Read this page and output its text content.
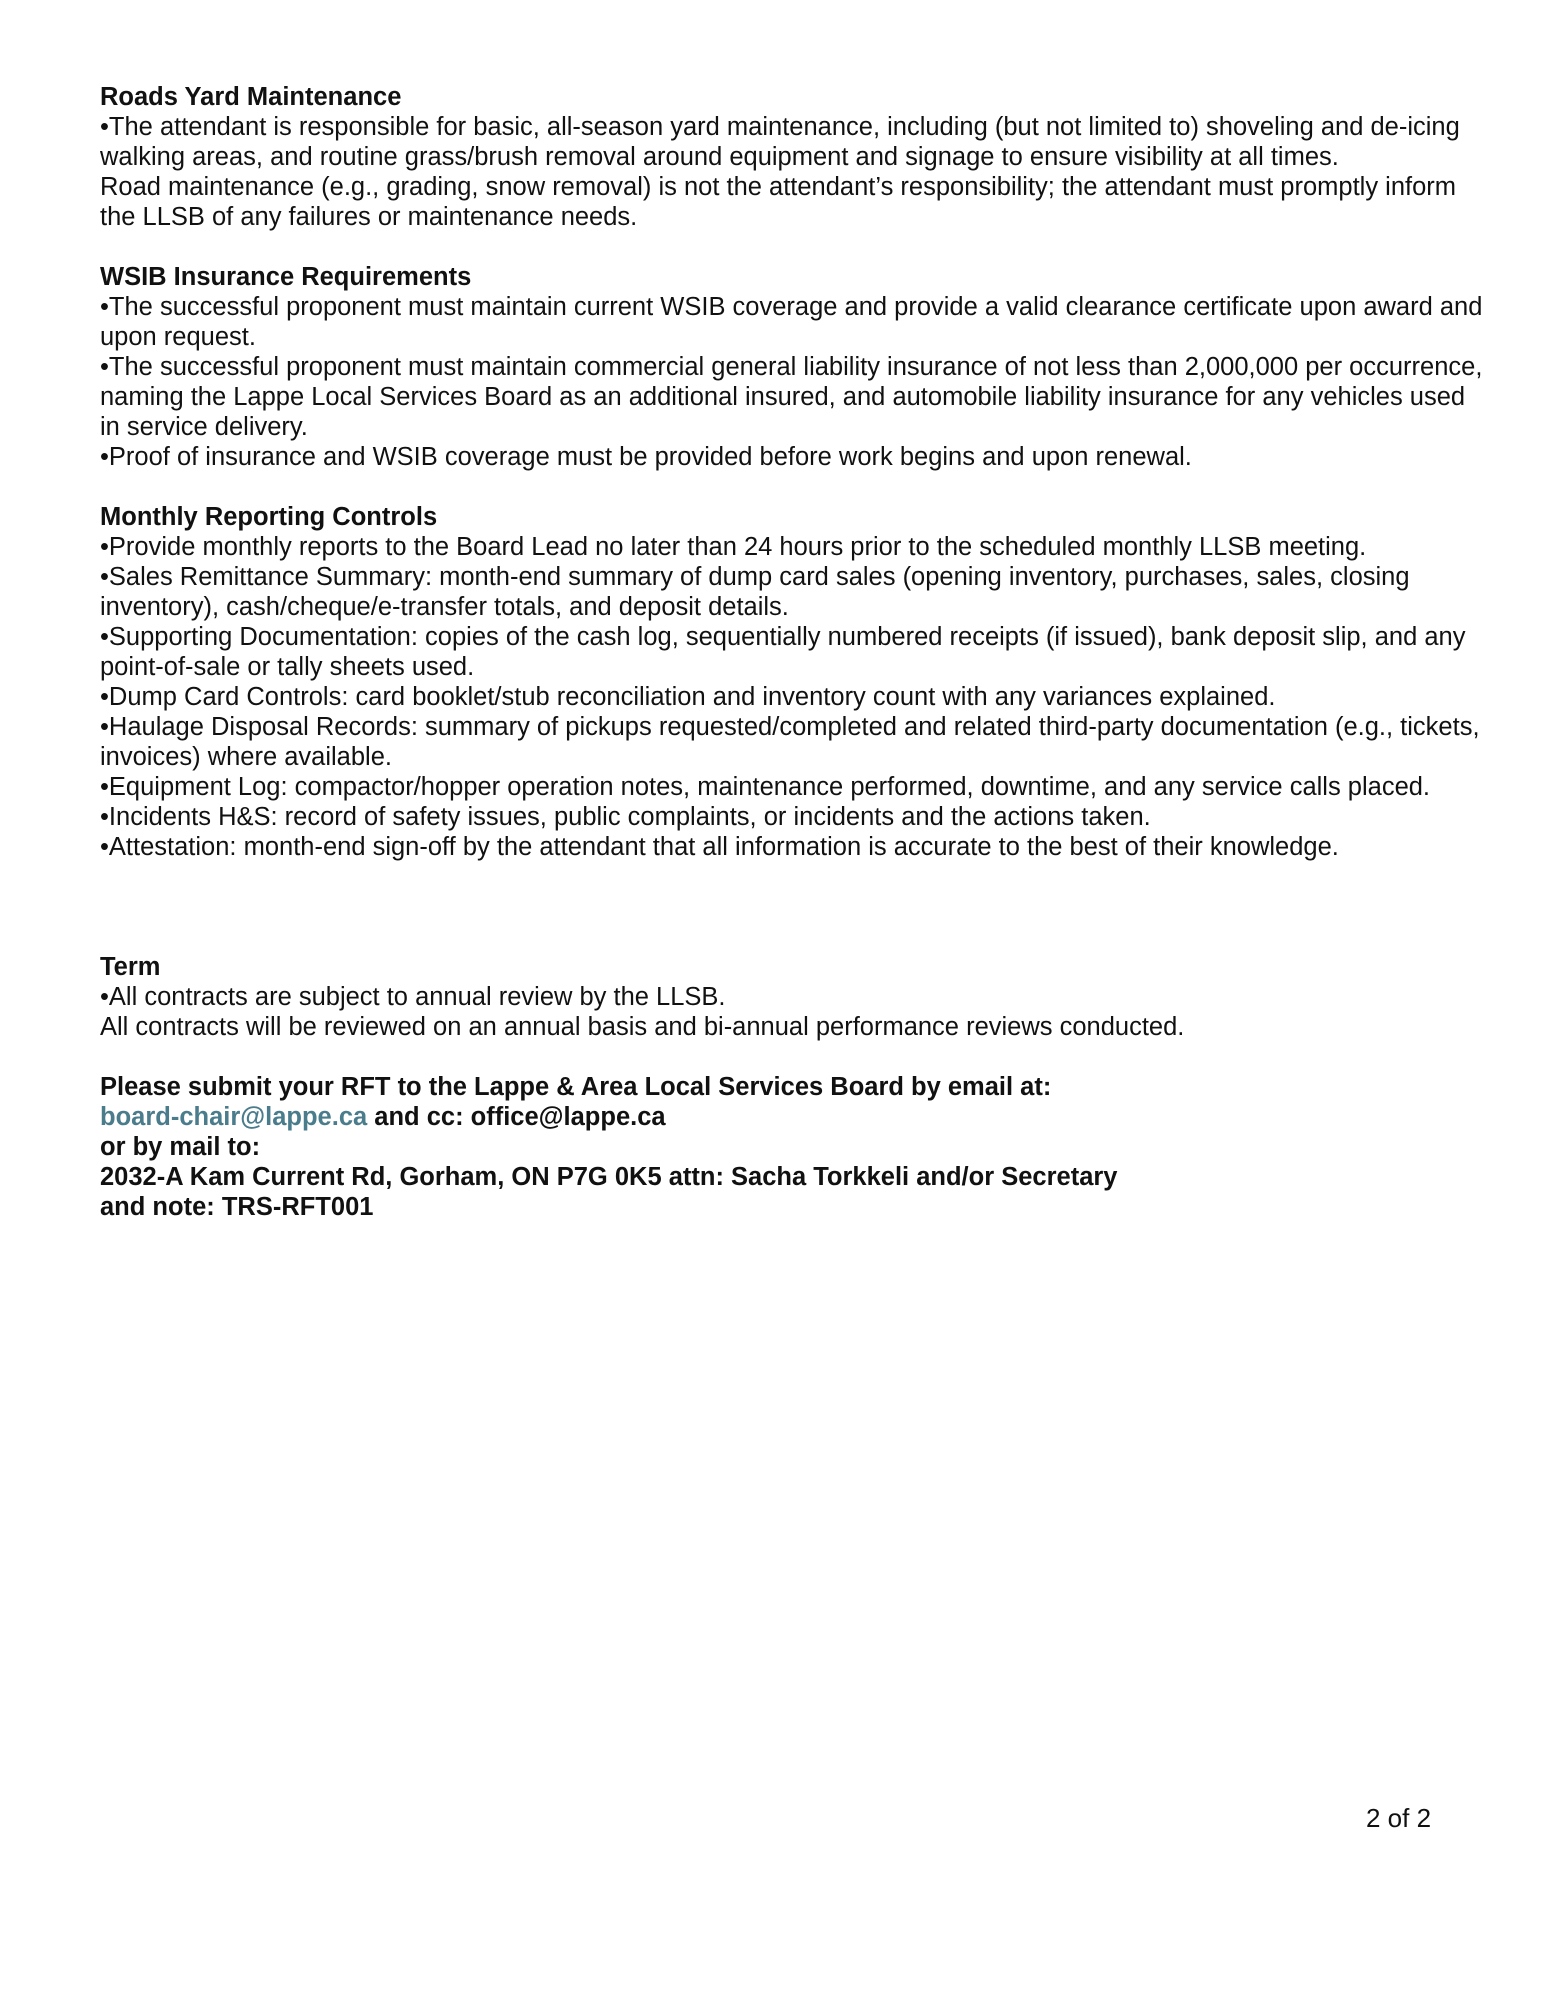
Roads Yard Maintenance

•The attendant is responsible for basic, all-season yard maintenance, including (but not limited to) shoveling and de-icing walking areas, and routine grass/brush removal around equipment and signage to ensure visibility at all times.

Road maintenance (e.g., grading, snow removal) is not the attendant’s responsibility; the attendant must promptly inform the LLSB of any failures or maintenance needs.

WSIB Insurance Requirements

•The successful proponent must maintain current WSIB coverage and provide a valid clearance certificate upon award and upon request.

•The successful proponent must maintain commercial general liability insurance of not less than 2,000,000 per occurrence, naming the Lappe Local Services Board as an additional insured, and automobile liability insurance for any vehicles used in service delivery.

•Proof of insurance and WSIB coverage must be provided before work begins and upon renewal.

Monthly Reporting Controls

•Provide monthly reports to the Board Lead no later than 24 hours prior to the scheduled monthly LLSB meeting.

•Sales Remittance Summary: month-end summary of dump card sales (opening inventory, purchases, sales, closing inventory), cash/cheque/e-transfer totals, and deposit details.

•Supporting Documentation: copies of the cash log, sequentially numbered receipts (if issued), bank deposit slip, and any point-of-sale or tally sheets used.

•Dump Card Controls: card booklet/stub reconciliation and inventory count with any variances explained.

•Haulage Disposal Records: summary of pickups requested/completed and related third-party documentation (e.g., tickets, invoices) where available.

•Equipment Log: compactor/hopper operation notes, maintenance performed, downtime, and any service calls placed.

•Incidents H&S: record of safety issues, public complaints, or incidents and the actions taken.

•Attestation: month-end sign-off by the attendant that all information is accurate to the best of their knowledge.

Term

•All contracts are subject to annual review by the LLSB.

All contracts will be reviewed on an annual basis and bi-annual performance reviews conducted.

Please submit your RFT to the Lappe & Area Local Services Board by email at:

board-chair@lappe.ca and cc: office@lappe.ca

or by mail to:

2032-A Kam Current Rd, Gorham, ON P7G 0K5 attn: Sacha Torkkeli and/or Secretary

and note: TRS-RFT001

2 of 2
